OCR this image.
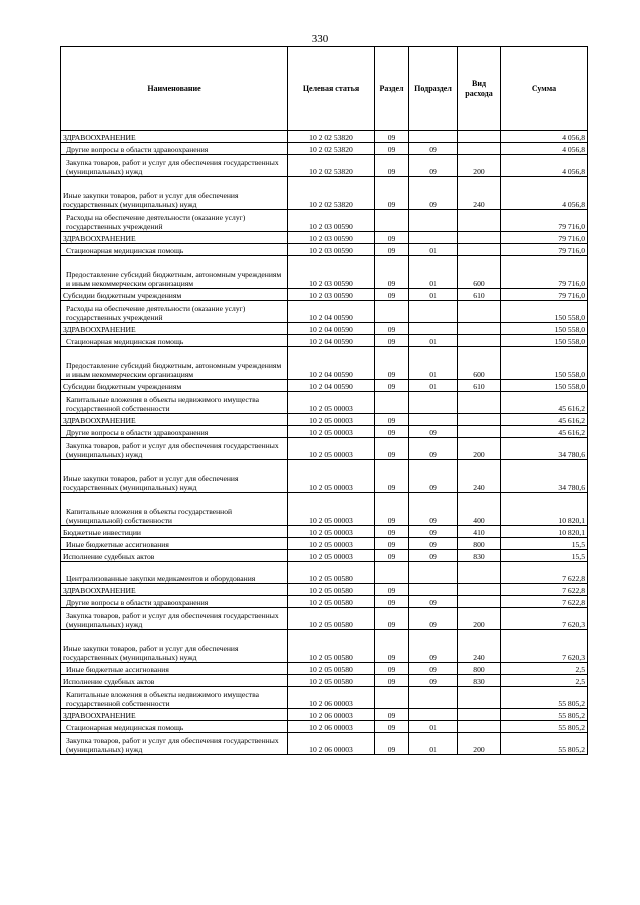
330
Наименование	Целевая статья	Раздел	Подраздел	Вид расхода	Сумма
ЗДРАВООХРАНЕНИЕ	10 2 02 53820	09			4 056,8
Другие вопросы в области здравоохранения	10 2 02 53820	09	09		4 056,8
Закупка товаров, работ и услуг для обеспечения государственных (муниципальных) нужд	10 2 02 53820	09	09	200	4 056,8
Иные закупки товаров, работ и услуг для обеспечения государственных (муниципальных) нужд	10 2 02 53820	09	09	240	4 056,8
Расходы на обеспечение деятельности (оказание услуг) государственных учреждений	10 2 03 00590				79 716,0
ЗДРАВООХРАНЕНИЕ	10 2 03 00590	09			79 716,0
Стационарная медицинская помощь	10 2 03 00590	09	01		79 716,0
Предоставление субсидий бюджетным, автономным учреждениям и иным некоммерческим организациям	10 2 03 00590	09	01	600	79 716,0
Субсидии бюджетным учреждениям	10 2 03 00590	09	01	610	79 716,0
Расходы на обеспечение деятельности (оказание услуг) государственных учреждений	10 2 04 00590				150 558,0
ЗДРАВООХРАНЕНИЕ	10 2 04 00590	09			150 558,0
Стационарная медицинская помощь	10 2 04 00590	09	01		150 558,0
Предоставление субсидий бюджетным, автономным учреждениям и иным некоммерческим организациям	10 2 04 00590	09	01	600	150 558,0
Субсидии бюджетным учреждениям	10 2 04 00590	09	01	610	150 558,0
Капитальные вложения в объекты недвижимого имущества государственной собственности	10 2 05 00003				45 616,2
ЗДРАВООХРАНЕНИЕ	10 2 05 00003	09			45 616,2
Другие вопросы в области здравоохранения	10 2 05 00003	09	09		45 616,2
Закупка товаров, работ и услуг для обеспечения государственных (муниципальных) нужд	10 2 05 00003	09	09	200	34 780,6
Иные закупки товаров, работ и услуг для обеспечения государственных (муниципальных) нужд	10 2 05 00003	09	09	240	34 780,6
Капитальные вложения в объекты государственной (муниципальной) собственности	10 2 05 00003	09	09	400	10 820,1
Бюджетные инвестиции	10 2 05 00003	09	09	410	10 820,1
Иные бюджетные ассигнования	10 2 05 00003	09	09	800	15,5
Исполнение судебных актов	10 2 05 00003	09	09	830	15,5
Централизованные закупки медикаментов и оборудования	10 2 05 00580				7 622,8
ЗДРАВООХРАНЕНИЕ	10 2 05 00580	09			7 622,8
Другие вопросы в области здравоохранения	10 2 05 00580	09	09		7 622,8
Закупка товаров, работ и услуг для обеспечения государственных (муниципальных) нужд	10 2 05 00580	09	09	200	7 620,3
Иные закупки товаров, работ и услуг для обеспечения государственных (муниципальных) нужд	10 2 05 00580	09	09	240	7 620,3
Иные бюджетные ассигнования	10 2 05 00580	09	09	800	2,5
Исполнение судебных актов	10 2 05 00580	09	09	830	2,5
Капитальные вложения в объекты недвижимого имущества государственной собственности	10 2 06 00003				55 805,2
ЗДРАВООХРАНЕНИЕ	10 2 06 00003	09			55 805,2
Стационарная медицинская помощь	10 2 06 00003	09	01		55 805,2
Закупка товаров, работ и услуг для обеспечения государственных (муниципальных) нужд	10 2 06 00003	09	01	200	55 805,2
